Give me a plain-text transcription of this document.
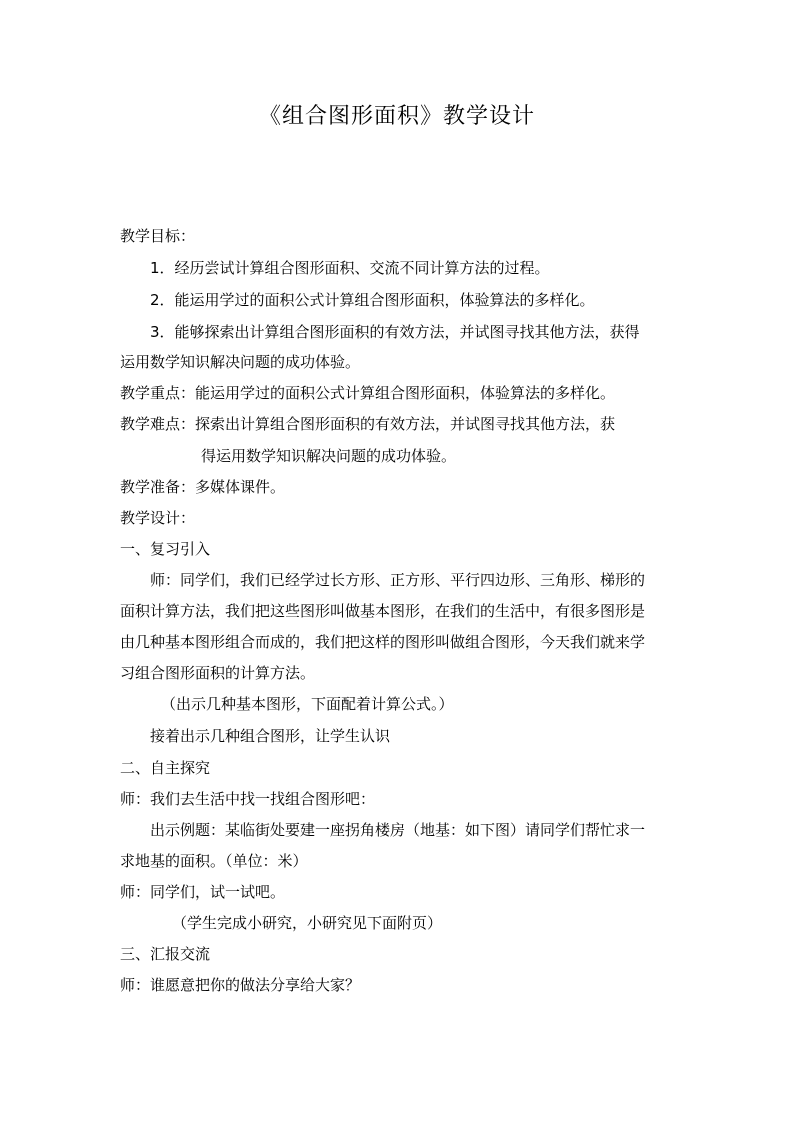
《组合图形面积》教学设计
教学目标：
1．经历尝试计算组合图形面积、交流不同计算方法的过程。
2．能运用学过的面积公式计算组合图形面积，体验算法的多样化。
3．能够探索出计算组合图形面积的有效方法，并试图寻找其他方法，获得
运用数学知识解决问题的成功体验。
教学重点：能运用学过的面积公式计算组合图形面积，体验算法的多样化。
教学难点：探索出计算组合图形面积的有效方法，并试图寻找其他方法，获
得运用数学知识解决问题的成功体验。
教学准备：多媒体课件。
教学设计：
一、复习引入
师：同学们，我们已经学过长方形、正方形、平行四边形、三角形、梯形的
面积计算方法，我们把这些图形叫做基本图形，在我们的生活中，有很多图形是
由几种基本图形组合而成的，我们把这样的图形叫做组合图形，今天我们就来学
习组合图形面积的计算方法。
（出示几种基本图形，下面配着计算公式。）
接着出示几种组合图形，让学生认识
二、自主探究
师：我们去生活中找一找组合图形吧：
出示例题：某临街处要建一座拐角楼房（地基：如下图）请同学们帮忙求一
求地基的面积。（单位：米）
师：同学们，试一试吧。
（学生完成小研究，小研究见下面附页）
三、汇报交流
师：谁愿意把你的做法分享给大家？
